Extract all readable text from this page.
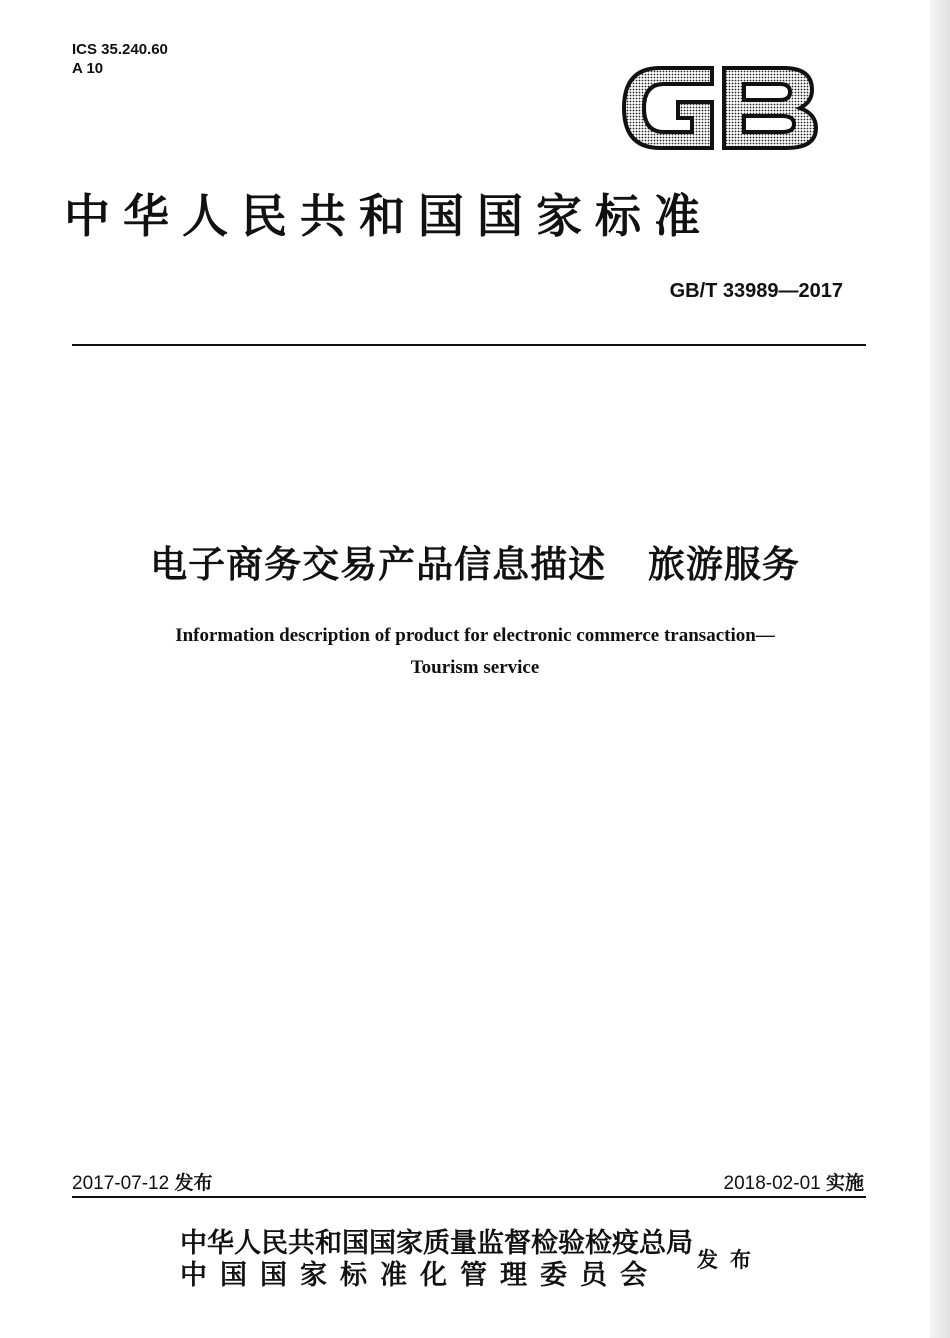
ICS 35.240.60
A 10
中华人民共和国国家标准
GB/T 33989—2017
电子商务交易产品信息描述   旅游服务
Information description of product for electronic commerce transaction—
Tourism service
2017-07-12 发布	2018-02-01 实施
中华人民共和国国家质量监督检验检疫总局
中国国家标准化管理委员会
发布
